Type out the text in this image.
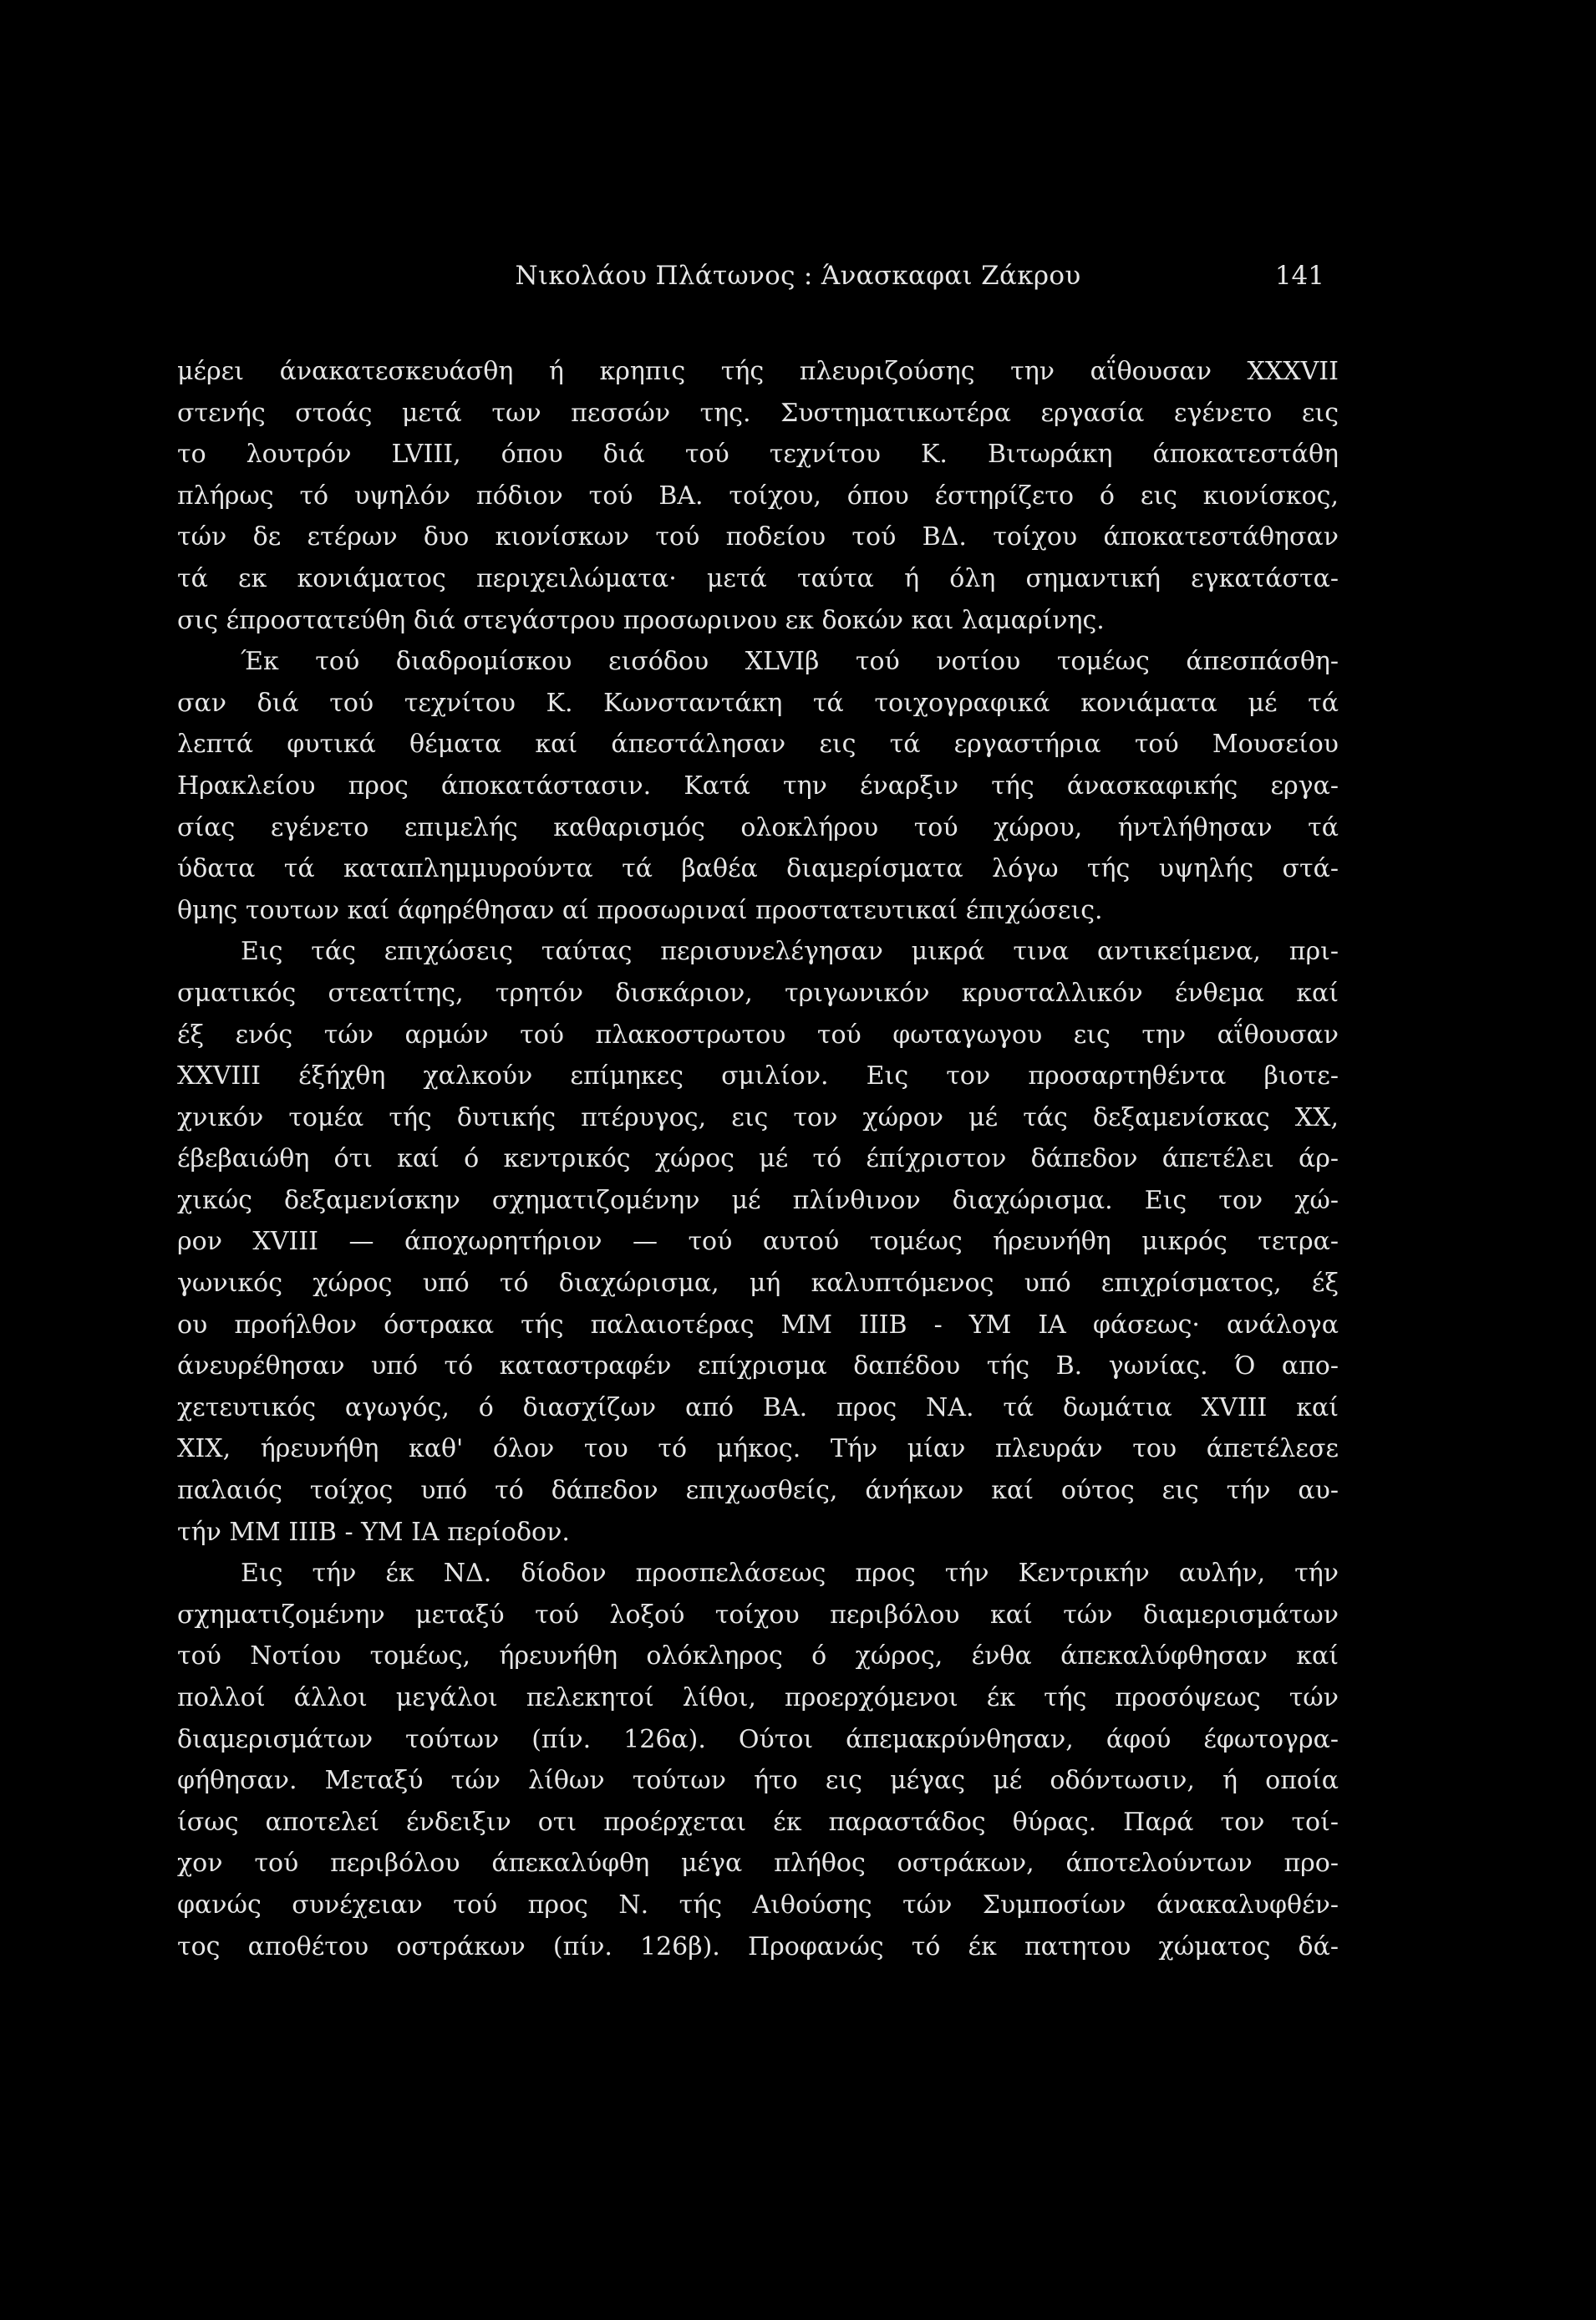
Νικολάου Πλάτωνος : Άνασκαφαι Ζάκρου	141
μέρει άνακατεσκευάσθη ή κρηπις τής πλευριζούσης την αΐθουσαν XXXVII
στενής στοάς μετά των πεσσών της. Συστηματικωτέρα εργασία εγένετο εις
το λουτρόν LVIII, όπου διά τού τεχνίτου Κ. Βιτωράκη άποκατεστάθη
πλήρως τό υψηλόν πόδιον τού ΒΑ. τοίχου, όπου έστηρίζετο ό εις κιονίσκος,
τών δε ετέρων δυο κιονίσκων τού ποδείου τού ΒΔ. τοίχου άποκατεστάθησαν
τά εκ κονιάματος περιχειλώματα· μετά ταύτα ή όλη σημαντική εγκατάστα-
σις έπροστατεύθη διά στεγάστρου προσωρινου εκ δοκών και λαμαρίνης.
Έκ τού διαδρομίσκου εισόδου XLVIβ τού νοτίου τομέως άπεσπάσθη-
σαν διά τού τεχνίτου Κ. Κωνσταντάκη τά τοιχογραφικά κονιάματα μέ τά
λεπτά φυτικά θέματα καί άπεστάλησαν εις τά εργαστήρια τού Μουσείου
Ηρακλείου προς άποκατάστασιν. Κατά την έναρξιν τής άνασκαφικής εργα-
σίας εγένετο επιμελής καθαρισμός ολοκλήρου τού χώρου, ήντλήθησαν τά
ύδατα τά καταπλημμυρούντα τά βαθέα διαμερίσματα λόγω τής υψηλής στά-
θμης τουτων καί άφηρέθησαν αί προσωριναί προστατευτικαί έπιχώσεις.
Εις τάς επιχώσεις ταύτας περισυνελέγησαν μικρά τινα αντικείμενα, πρι-
σματικός στεατίτης, τρητόν δισκάριον, τριγωνικόν κρυσταλλικόν ένθεμα καί
έξ ενός τών αρμών τού πλακοστρωτου τού φωταγωγου εις την αΐθουσαν
XXVIII έξήχθη χαλκούν επίμηκες σμιλίον. Εις τον προσαρτηθέντα βιοτε-
χνικόν τομέα τής δυτικής πτέρυγος, εις τον χώρον μέ τάς δεξαμενίσκας XX,
έβεβαιώθη ότι καί ό κεντρικός χώρος μέ τό έπίχριστον δάπεδον άπετέλει άρ-
χικώς δεξαμενίσκην σχηματιζομένην μέ πλίνθινον διαχώρισμα. Εις τον χώ-
ρον XVIII — άποχωρητήριον — τού αυτού τομέως ήρευνήθη μικρός τετρα-
γωνικός χώρος υπό τό διαχώρισμα, μή καλυπτόμενος υπό επιχρίσματος, έξ
ου προήλθον όστρακα τής παλαιοτέρας ΜΜ ΙΙΙΒ - ΥΜ ΙΑ φάσεως· ανάλογα
άνευρέθησαν υπό τό καταστραφέν επίχρισμα δαπέδου τής Β. γωνίας. Ό απο-
χετευτικός αγωγός, ό διασχίζων από ΒΑ. προς ΝΑ. τά δωμάτια XVIII καί
XIX, ήρευνήθη καθ' όλον του τό μήκος. Τήν μίαν πλευράν του άπετέλεσε
παλαιός τοίχος υπό τό δάπεδον επιχωσθείς, άνήκων καί ούτος εις τήν αυ-
τήν ΜΜ ΙΙΙΒ - ΥΜ ΙΑ περίοδον.
Εις τήν έκ ΝΔ. δίοδον προσπελάσεως προς τήν Κεντρικήν αυλήν, τήν
σχηματιζομένην μεταξύ τού λοξού τοίχου περιβόλου καί τών διαμερισμάτων
τού Νοτίου τομέως, ήρευνήθη ολόκληρος ό χώρος, ένθα άπεκαλύφθησαν καί
πολλοί άλλοι μεγάλοι πελεκητοί λίθοι, προερχόμενοι έκ τής προσόψεως τών
διαμερισμάτων τούτων (πίν. 126α). Ούτοι άπεμακρύνθησαν, άφού έφωτογρα-
φήθησαν. Μεταξύ τών λίθων τούτων ήτο εις μέγας μέ οδόντωσιν, ή οποία
ίσως αποτελεί ένδειξιν οτι προέρχεται έκ παραστάδος θύρας. Παρά τον τοί-
χον τού περιβόλου άπεκαλύφθη μέγα πλήθος οστράκων, άποτελούντων προ-
φανώς συνέχειαν τού προς Ν. τής Αιθούσης τών Συμποσίων άνακαλυφθέν-
τος αποθέτου οστράκων (πίν. 126β). Προφανώς τό έκ πατητου χώματος δά-
